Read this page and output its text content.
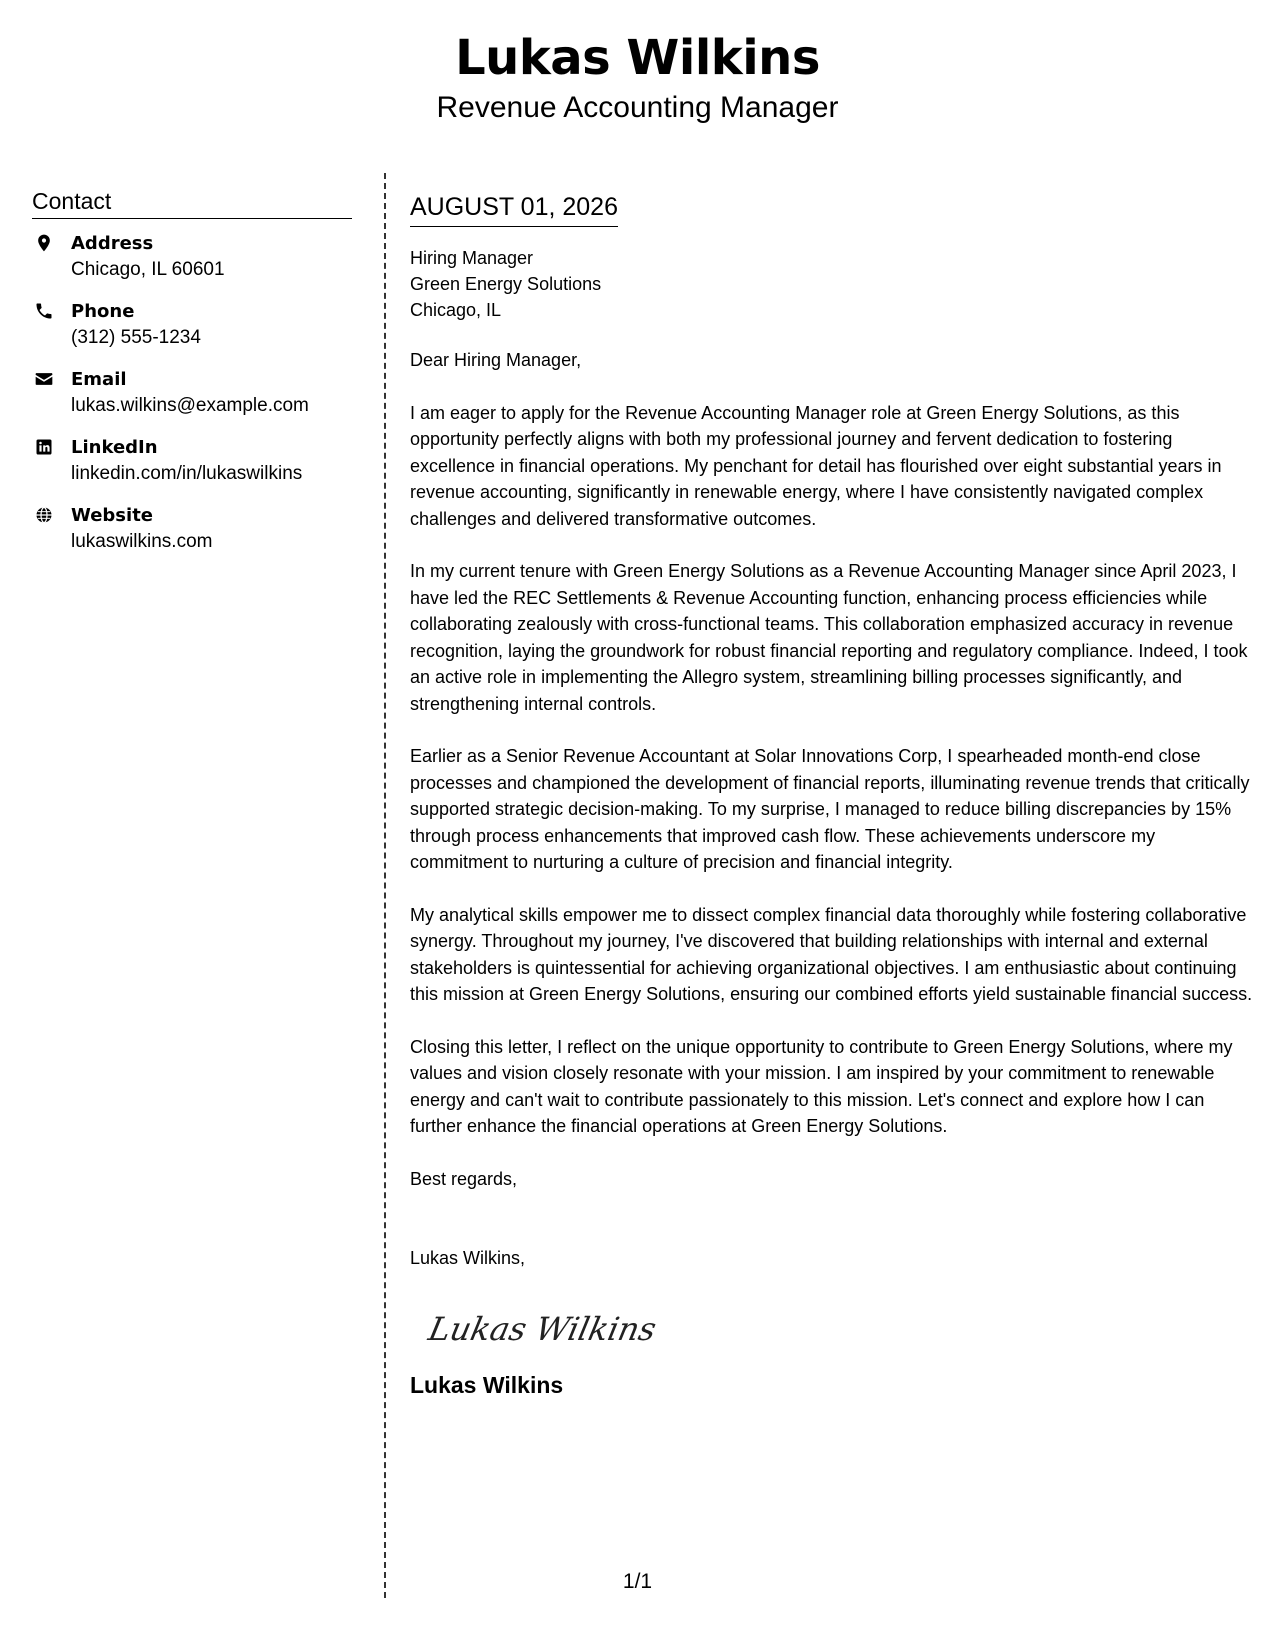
Lukas Wilkins
Revenue Accounting Manager
Contact
Address
Chicago, IL 60601
Phone
(312) 555-1234
Email
lukas.wilkins@example.com
LinkedIn
linkedin.com/in/lukaswilkins
Website
lukaswilkins.com
AUGUST 01, 2026
Hiring Manager
Green Energy Solutions
Chicago, IL

Dear Hiring Manager,

I am eager to apply for the Revenue Accounting Manager role at Green Energy Solutions, as this opportunity perfectly aligns with both my professional journey and fervent dedication to fostering excellence in financial operations. My penchant for detail has flourished over eight substantial years in revenue accounting, significantly in renewable energy, where I have consistently navigated complex challenges and delivered transformative outcomes.

In my current tenure with Green Energy Solutions as a Revenue Accounting Manager since April 2023, I have led the REC Settlements & Revenue Accounting function, enhancing process efficiencies while collaborating zealously with cross-functional teams. This collaboration emphasized accuracy in revenue recognition, laying the groundwork for robust financial reporting and regulatory compliance. Indeed, I took an active role in implementing the Allegro system, streamlining billing processes significantly, and strengthening internal controls.

Earlier as a Senior Revenue Accountant at Solar Innovations Corp, I spearheaded month-end close processes and championed the development of financial reports, illuminating revenue trends that critically supported strategic decision-making. To my surprise, I managed to reduce billing discrepancies by 15% through process enhancements that improved cash flow. These achievements underscore my commitment to nurturing a culture of precision and financial integrity.

My analytical skills empower me to dissect complex financial data thoroughly while fostering collaborative synergy. Throughout my journey, I've discovered that building relationships with internal and external stakeholders is quintessential for achieving organizational objectives. I am enthusiastic about continuing this mission at Green Energy Solutions, ensuring our combined efforts yield sustainable financial success.

Closing this letter, I reflect on the unique opportunity to contribute to Green Energy Solutions, where my values and vision closely resonate with your mission. I am inspired by your commitment to renewable energy and can't wait to contribute passionately to this mission. Let's connect and explore how I can further enhance the financial operations at Green Energy Solutions.

Best regards,

Lukas Wilkins,

Lukas Wilkins
Lukas Wilkins
1/1
